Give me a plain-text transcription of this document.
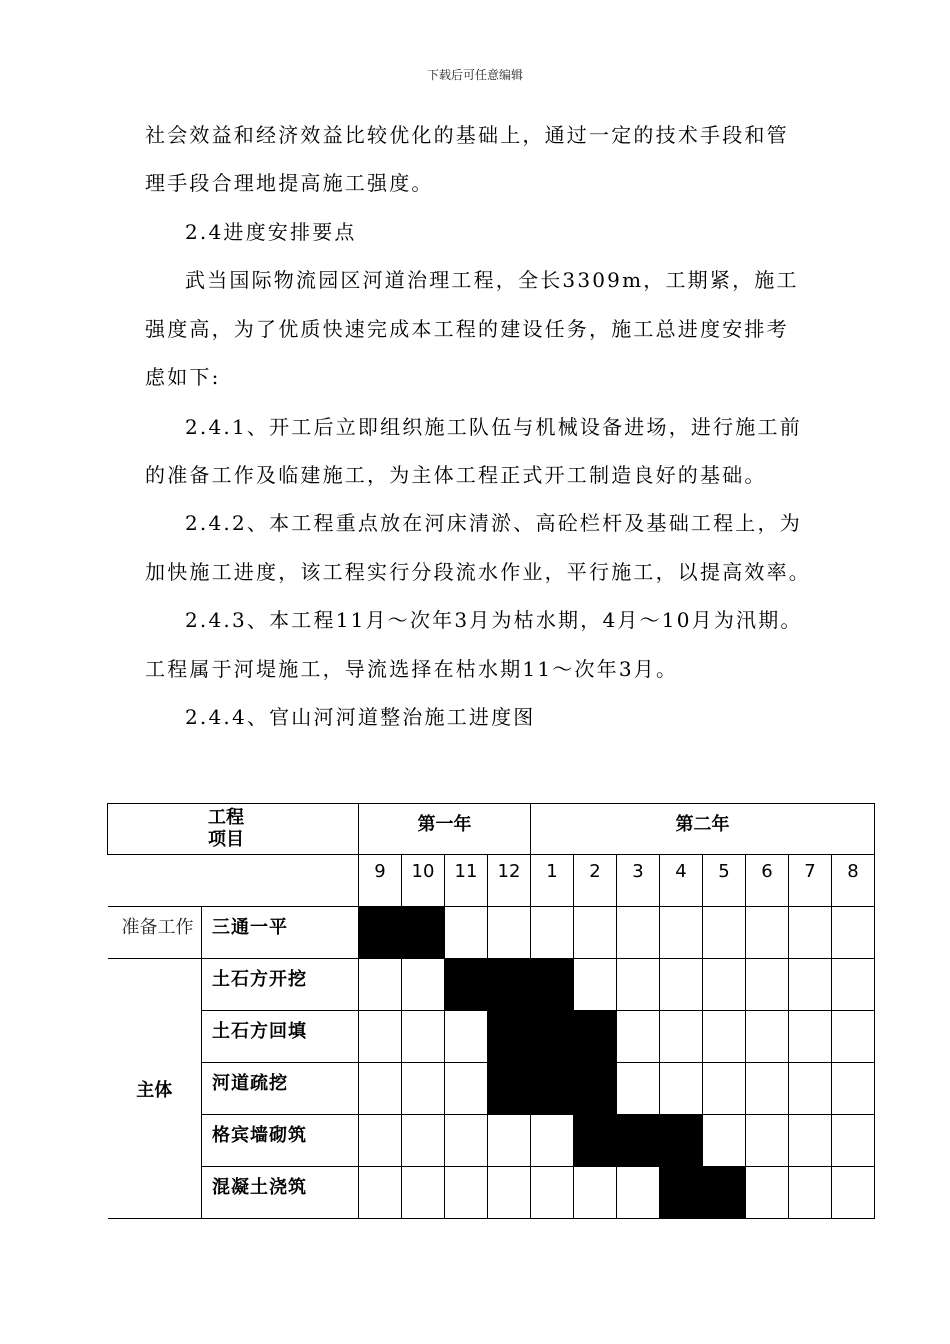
下载后可任意编辑
社会效益和经济效益比较优化的基础上，通过一定的技术手段和管
理手段合理地提高施工强度。
2.4进度安排要点
武当国际物流园区河道治理工程，全长3309m，工期紧，施工
强度高，为了优质快速完成本工程的建设任务，施工总进度安排考
虑如下:
2.4.1、开工后立即组织施工队伍与机械设备进场，进行施工前
的准备工作及临建施工，为主体工程正式开工制造良好的基础。
2.4.2、本工程重点放在河床清淤、高砼栏杆及基础工程上，为
加快施工进度，该工程实行分段流水作业，平行施工，以提高效率。
2.4.3、本工程11月～次年3月为枯水期，4月～10月为汛期。
工程属于河堤施工，导流选择在枯水期11～次年3月。
2.4.4、官山河河道整治施工进度图
工程
项目		第一年				第二年							
		9	10	11	12	1	2	3	4	5	6	7	8
准备工作	三通一平												
主体	土石方开挖												
	土石方回填												
	河道疏挖												
	格宾墙砌筑												
	混凝土浇筑												
